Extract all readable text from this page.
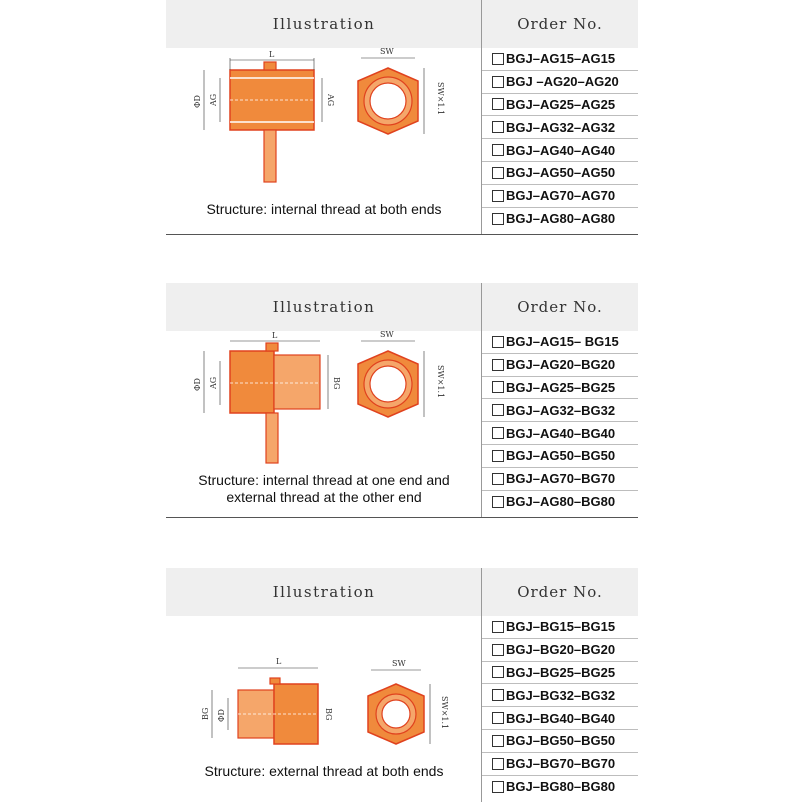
Illustration	Order No.
L
ΦD AG	AG
SW
SW×1.1
Structure: internal thread at both ends
BGJ–AG15–AG15
BGJ –AG20–AG20
BGJ–AG25–AG25
BGJ–AG32–AG32
BGJ–AG40–AG40
BGJ–AG50–AG50
BGJ–AG70–AG70
BGJ–AG80–AG80
Illustration	Order No.
L
ΦD AG	BG
SW
SW×1.1
Structure: internal thread at one end and
external thread at the other end
BGJ–AG15– BG15
BGJ–AG20–BG20
BGJ–AG25–BG25
BGJ–AG32–BG32
BGJ–AG40–BG40
BGJ–AG50–BG50
BGJ–AG70–BG70
BGJ–AG80–BG80
Illustration	Order No.
L
BG ΦD	BG
SW
SW×1.1
Structure: external thread at both ends
BGJ–BG15–BG15
BGJ–BG20–BG20
BGJ–BG25–BG25
BGJ–BG32–BG32
BGJ–BG40–BG40
BGJ–BG50–BG50
BGJ–BG70–BG70
BGJ–BG80–BG80
